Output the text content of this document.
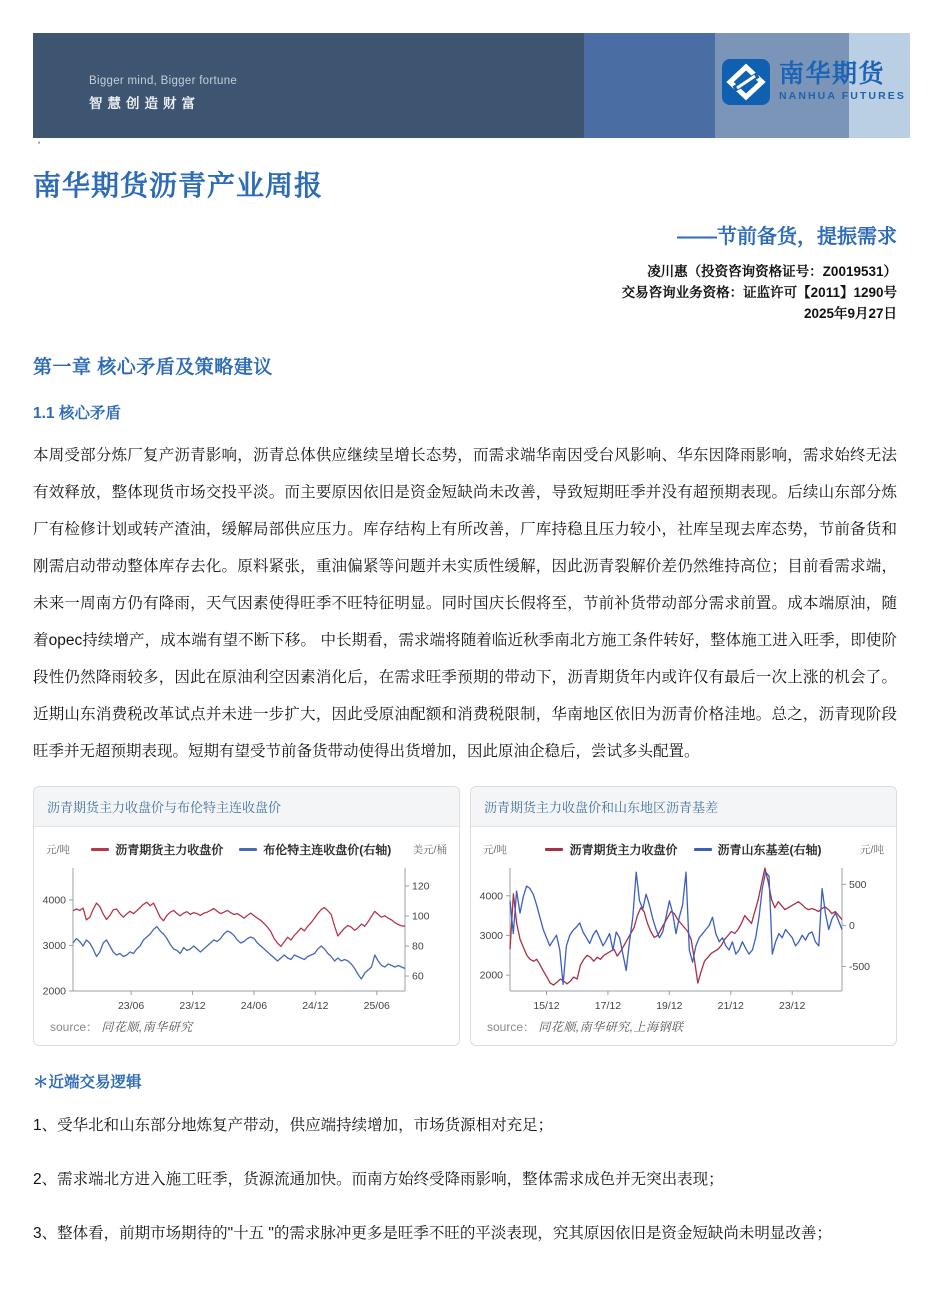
Bigger mind, Bigger fortune
智慧创造财富
南华期货
NANHUA FUTURES
'
南华期货沥青产业周报
——节前备货，提振需求
凌川惠（投资咨询资格证号：Z0019531）
交易咨询业务资格：证监许可【2011】1290号
2025年9月27日
第一章 核心矛盾及策略建议
1.1 核心矛盾

本周受部分炼厂复产沥青影响，沥青总体供应继续呈增长态势，而需求端华南因受台风影响、华东因降雨影响，需求始终无法有效释放，整体现货市场交投平淡。而主要原因依旧是资金短缺尚未改善，导致短期旺季并没有超预期表现。后续山东部分炼厂有检修计划或转产渣油，缓解局部供应压力。库存结构上有所改善，厂库持稳且压力较小，社库呈现去库态势，节前备货和刚需启动带动整体库存去化。原料紧张，重油偏紧等问题并未实质性缓解，因此沥青裂解价差仍然维持高位；目前看需求端，未来一周南方仍有降雨，天气因素使得旺季不旺特征明显。同时国庆长假将至，节前补货带动部分需求前置。成本端原油，随着opec持续增产，成本端有望不断下移。 中长期看，需求端将随着临近秋季南北方施工条件转好，整体施工进入旺季，即使阶段性仍然降雨较多，因此在原油利空因素消化后，在需求旺季预期的带动下，沥青期货年内或许仅有最后一次上涨的机会了。近期山东消费税改革试点并未进一步扩大，因此受原油配额和消费税限制，华南地区依旧为沥青价格洼地。总之，沥青现阶段旺季并无超预期表现。短期有望受节前备货带动使得出货增加，因此原油企稳后，尝试多头配置。

沥青期货主力收盘价与布伦特主连收盘价
元/吨	沥青期货主力收盘价	布伦特主连收盘价(右轴) 美元/桶
2000
3000
4000
60
80
100
120
23/06	23/12	24/06	24/12	25/06
source： 同花顺,南华研究
沥青期货主力收盘价和山东地区沥青基差
元/吨	沥青期货主力收盘价	沥青山东基差(右轴)	元/吨
2000
3000
4000
-500
0
500
15/12	17/12	19/12	21/12	23/12
source： 同花顺,南华研究,上海钢联
＊近端交易逻辑

1、受华北和山东部分地炼复产带动，供应端持续增加，市场货源相对充足；

2、需求端北方进入施工旺季，货源流通加快。而南方始终受降雨影响，整体需求成色并无突出表现；

3、整体看，前期市场期待的"十五 "的需求脉冲更多是旺季不旺的平淡表现，究其原因依旧是资金短缺尚未明显改善；
